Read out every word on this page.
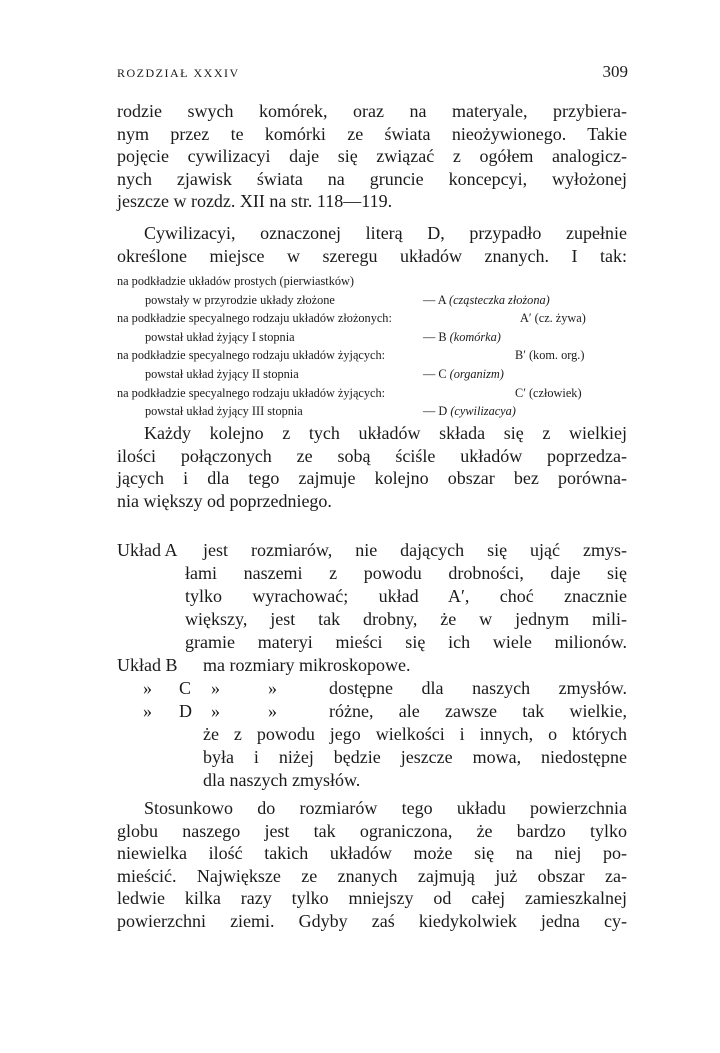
ROZDZIAŁ XXXIV	309
rodzie swych komórek, oraz na materyale, przybiera-
nym przez te komórki ze świata nieożywionego. Takie
pojęcie cywilizacyi daje się związać z ogółem analogicz-
nych zjawisk świata na gruncie koncepcyi, wyłożonej
jeszcze w rozdz. XII na str. 118—119.
Cywilizacyi, oznaczonej literą D, przypadło zupełnie
określone miejsce w szeregu układów znanych. I tak:
na podkładzie układów prostych (pierwiastków)
powstały w przyrodzie układy złożone	— A (cząsteczka złożona)
na podkładzie specyalnego rodzaju układów złożonych:	A′ (cz. żywa)
powstał układ żyjący I stopnia	— B (komórka)
na podkładzie specyalnego rodzaju układów żyjących:	B′ (kom. org.)
powstał układ żyjący II stopnia	— C (organizm)
na podkładzie specyalnego rodzaju układów żyjących:	C′ (człowiek)
powstał układ żyjący III stopnia	— D (cywilizacya)
Każdy kolejno z tych układów składa się z wielkiej
ilości połączonych ze sobą ściśle układów poprzedza-
jących i dla tego zajmuje kolejno obszar bez porówna-
nia większy od poprzedniego.
Układ A jest rozmiarów, nie dających się ująć zmys-
łami naszemi z powodu drobności, daje się
tylko wyrachować; układ A′, choć znacznie
większy, jest tak drobny, że w jednym mili-
gramie materyi mieści się ich wiele milionów.
Układ B ma rozmiary mikroskopowe.
» C »	»	dostępne dla naszych zmysłów.
» D »	»	różne, ale zawsze tak wielkie,
że z powodu jego wielkości i innych, o których
była i niżej będzie jeszcze mowa, niedostępne
dla naszych zmysłów.
Stosunkowo do rozmiarów tego układu powierzchnia
globu naszego jest tak ograniczona, że bardzo tylko
niewielka ilość takich układów może się na niej po-
mieścić. Największe ze znanych zajmują już obszar za-
ledwie kilka razy tylko mniejszy od całej zamieszkalnej
powierzchni ziemi. Gdyby zaś kiedykolwiek jedna cy-
